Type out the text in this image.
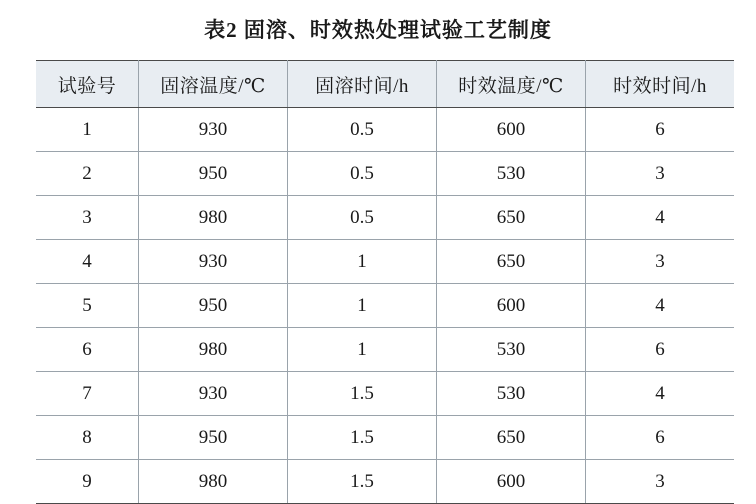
表2 固溶、时效热处理试验工艺制度
试验号	固溶温度/℃	固溶时间/h	时效温度/℃	时效时间/h
1	930	0.5	600	6
2	950	0.5	530	3
3	980	0.5	650	4
4	930	1	650	3
5	950	1	600	4
6	980	1	530	6
7	930	1.5	530	4
8	950	1.5	650	6
9	980	1.5	600	3
